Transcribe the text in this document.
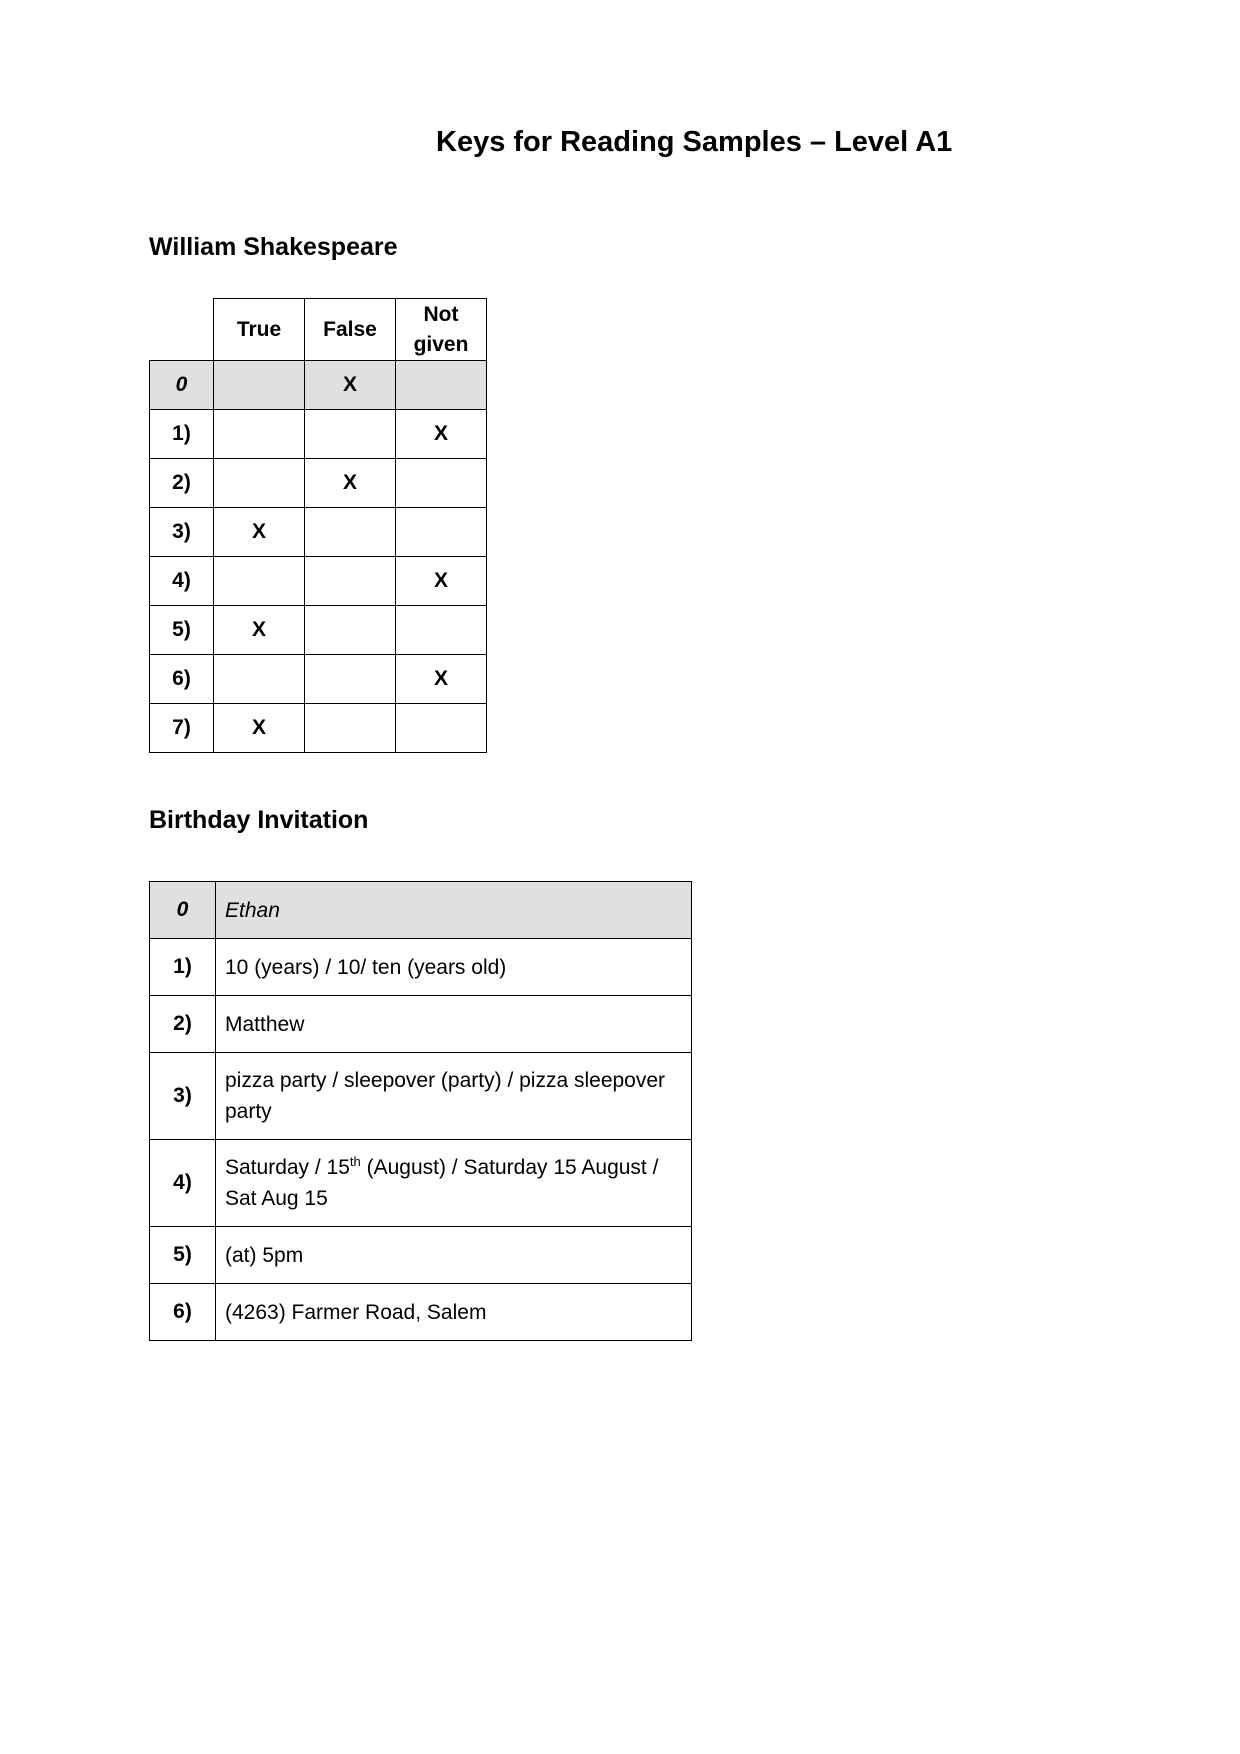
Keys for Reading Samples – Level A1
William Shakespeare
	True	False	Not given
0		X	
1)			X
2)		X	
3)	X		
4)			X
5)	X		
6)			X
7)	X		
Birthday Invitation
0	Ethan
1)	10 (years) / 10/ ten (years old)
2)	Matthew
3)	pizza party / sleepover (party) / pizza sleepover party
4)	Saturday / 15th (August) / Saturday 15 August / Sat Aug 15
5)	(at) 5pm
6)	(4263) Farmer Road, Salem
